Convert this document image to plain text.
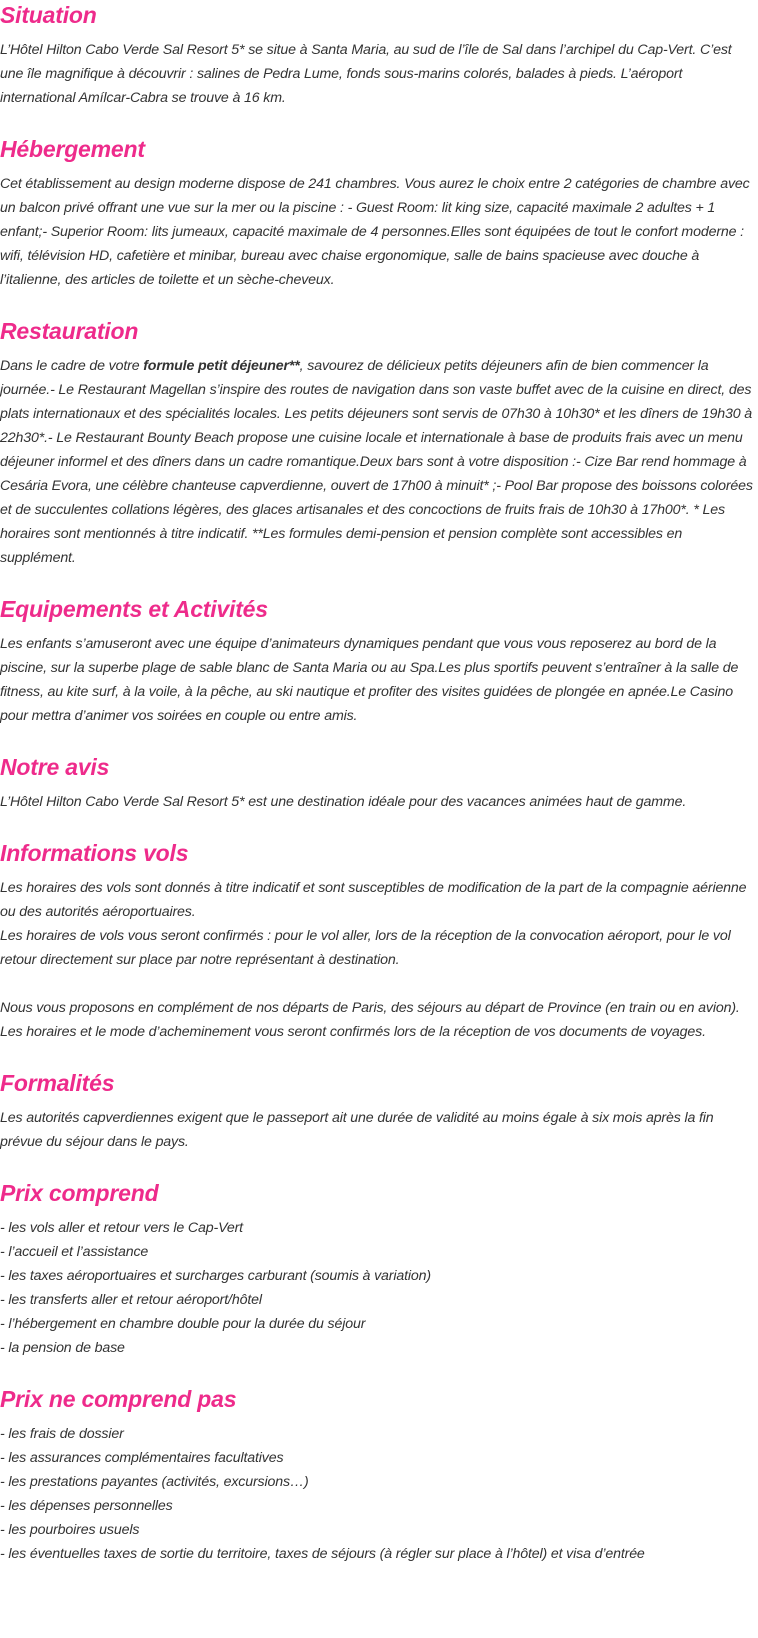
Situation

L’Hôtel Hilton Cabo Verde Sal Resort 5* se situe à Santa Maria, au sud de l’île de Sal dans l’archipel du Cap-Vert. C’est une île magnifique à découvrir : salines de Pedra Lume, fonds sous-marins colorés, balades à pieds. L’aéroport international Amílcar-Cabra se trouve à 16 km.

Hébergement

Cet établissement au design moderne dispose de 241 chambres. Vous aurez le choix entre 2 catégories de chambre avec un balcon privé offrant une vue sur la mer ou la piscine : - Guest Room: lit king size, capacité maximale 2 adultes + 1 enfant;- Superior Room: lits jumeaux, capacité maximale de 4 personnes.Elles sont équipées de tout le confort moderne : wifi, télévision HD, cafetière et minibar, bureau avec chaise ergonomique, salle de bains spacieuse avec douche à l’italienne, des articles de toilette et un sèche-cheveux.

Restauration

Dans le cadre de votre formule petit déjeuner**, savourez de délicieux petits déjeuners afin de bien commencer la journée.- Le Restaurant Magellan s’inspire des routes de navigation dans son vaste buffet avec de la cuisine en direct, des plats internationaux et des spécialités locales. Les petits déjeuners sont servis de 07h30 à 10h30* et les dîners de 19h30 à 22h30*.- Le Restaurant Bounty Beach propose une cuisine locale et internationale à base de produits frais avec un menu déjeuner informel et des dîners dans un cadre romantique.Deux bars sont à votre disposition :- Cize Bar rend hommage à Cesária Evora, une célèbre chanteuse capverdienne, ouvert de 17h00 à minuit* ;- Pool Bar propose des boissons colorées et de succulentes collations légères, des glaces artisanales et des concoctions de fruits frais de 10h30 à 17h00*. * Les horaires sont mentionnés à titre indicatif. **Les formules demi-pension et pension complète sont accessibles en supplément.

Equipements et Activités

Les enfants s’amuseront avec une équipe d’animateurs dynamiques pendant que vous vous reposerez au bord de la piscine, sur la superbe plage de sable blanc de Santa Maria ou au Spa.Les plus sportifs peuvent s’entraîner à la salle de fitness, au kite surf, à la voile, à la pêche, au ski nautique et profiter des visites guidées de plongée en apnée.Le Casino pour mettra d’animer vos soirées en couple ou entre amis.

Notre avis

L’Hôtel Hilton Cabo Verde Sal Resort 5* est une destination idéale pour des vacances animées haut de gamme.

Informations vols

Les horaires des vols sont donnés à titre indicatif et sont susceptibles de modification de la part de la compagnie aérienne ou des autorités aéroportuaires.

Les horaires de vols vous seront confirmés : pour le vol aller, lors de la réception de la convocation aéroport, pour le vol retour directement sur place par notre représentant à destination.

Nous vous proposons en complément de nos départs de Paris, des séjours au départ de Province (en train ou en avion).

Les horaires et le mode d’acheminement vous seront confirmés lors de la réception de vos documents de voyages.

Formalités

Les autorités capverdiennes exigent que le passeport ait une durée de validité au moins égale à six mois après la fin prévue du séjour dans le pays.

Prix comprend
- les vols aller et retour vers le Cap-Vert
- l’accueil et l’assistance
- les taxes aéroportuaires et surcharges carburant (soumis à variation)
- les transferts aller et retour aéroport/hôtel
- l’hébergement en chambre double pour la durée du séjour
- la pension de base
Prix ne comprend pas
- les frais de dossier
- les assurances complémentaires facultatives
- les prestations payantes (activités, excursions…)
- les dépenses personnelles
- les pourboires usuels
- les éventuelles taxes de sortie du territoire, taxes de séjours (à régler sur place à l’hôtel) et visa d’entrée
